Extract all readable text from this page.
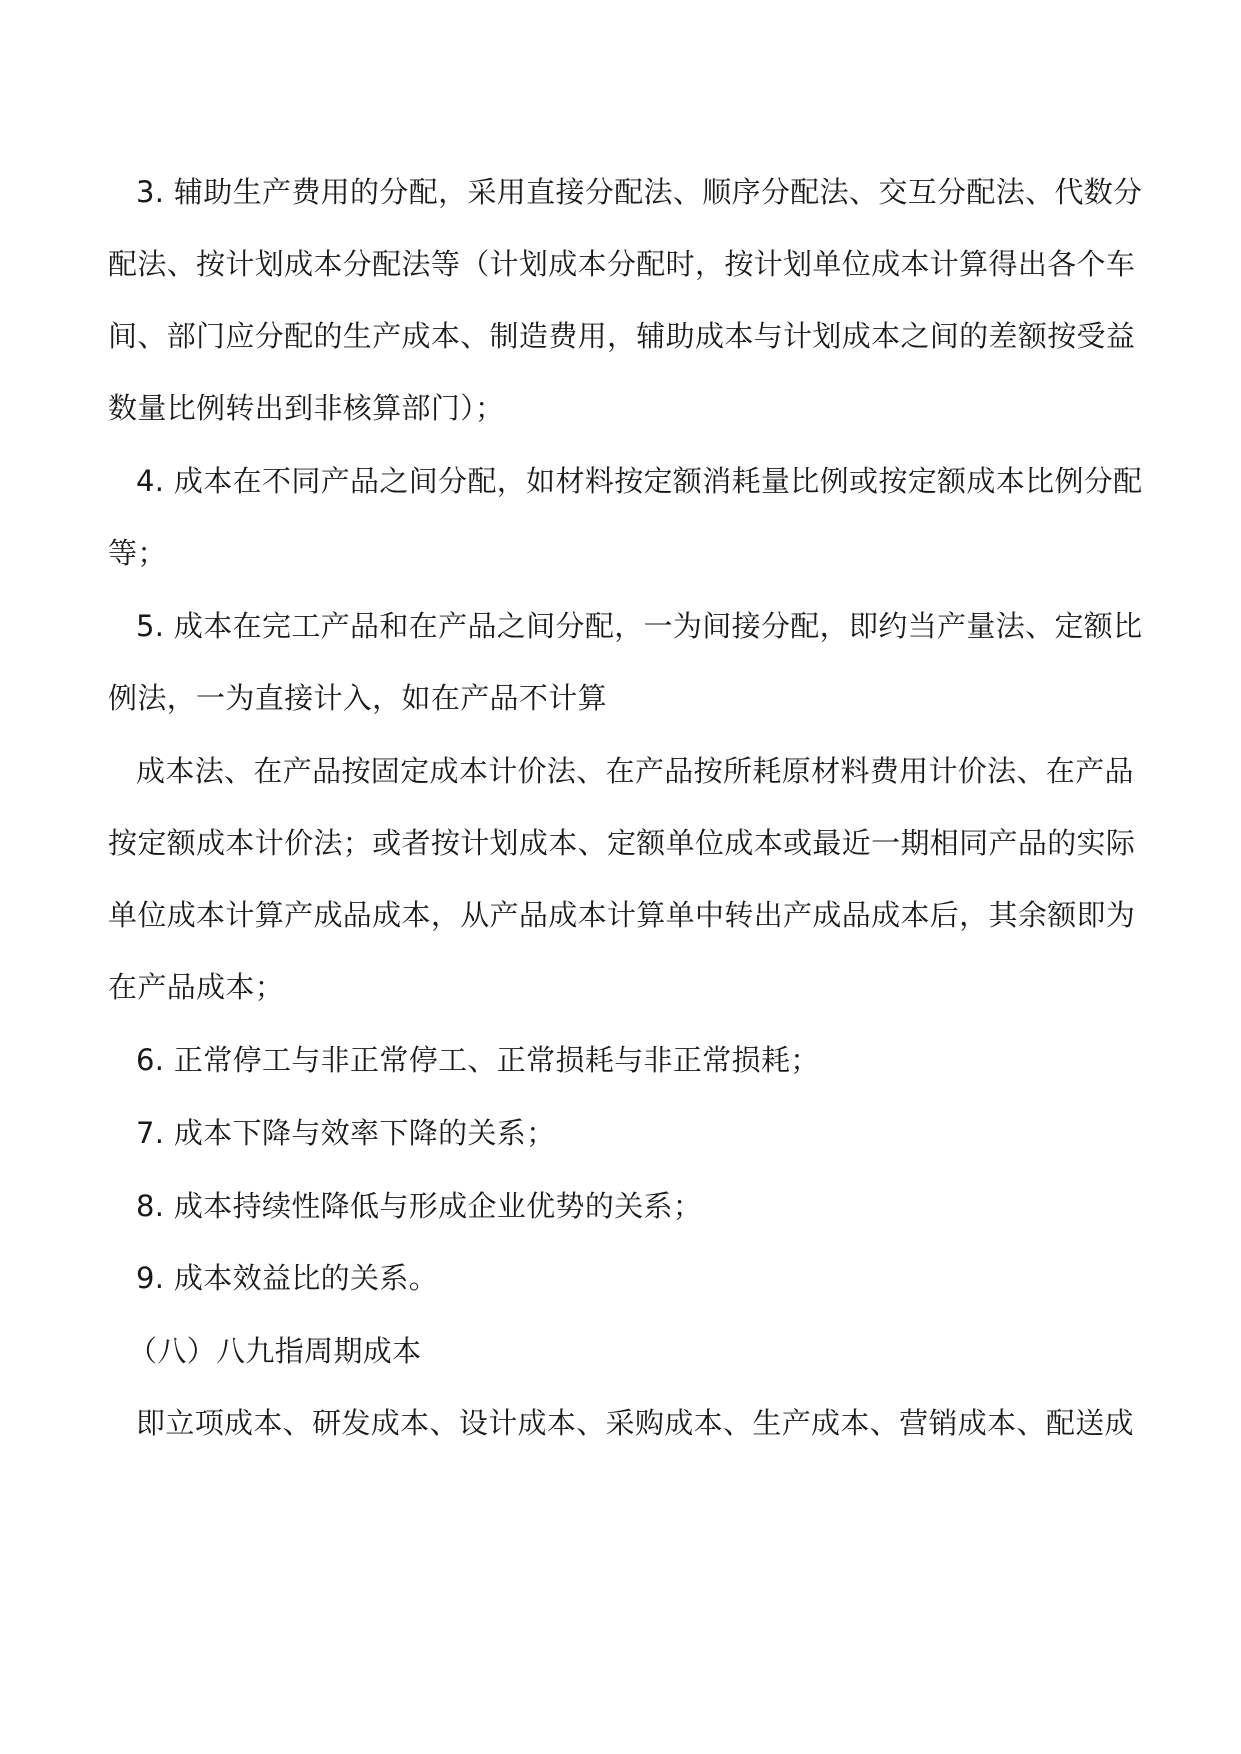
3. 辅助生产费用的分配，采用直接分配法、顺序分配法、交互分配法、代数分
配法、按计划成本分配法等（计划成本分配时，按计划单位成本计算得出各个车
间、部门应分配的生产成本、制造费用，辅助成本与计划成本之间的差额按受益
数量比例转出到非核算部门）；
4. 成本在不同产品之间分配，如材料按定额消耗量比例或按定额成本比例分配
等；
5. 成本在完工产品和在产品之间分配，一为间接分配，即约当产量法、定额比
例法，一为直接计入，如在产品不计算
成本法、在产品按固定成本计价法、在产品按所耗原材料费用计价法、在产品
按定额成本计价法；或者按计划成本、定额单位成本或最近一期相同产品的实际
单位成本计算产成品成本，从产品成本计算单中转出产成品成本后，其余额即为
在产品成本；
6. 正常停工与非正常停工、正常损耗与非正常损耗；
7. 成本下降与效率下降的关系；
8. 成本持续性降低与形成企业优势的关系；
9. 成本效益比的关系。
（八）八九指周期成本
即立项成本、研发成本、设计成本、采购成本、生产成本、营销成本、配送成
